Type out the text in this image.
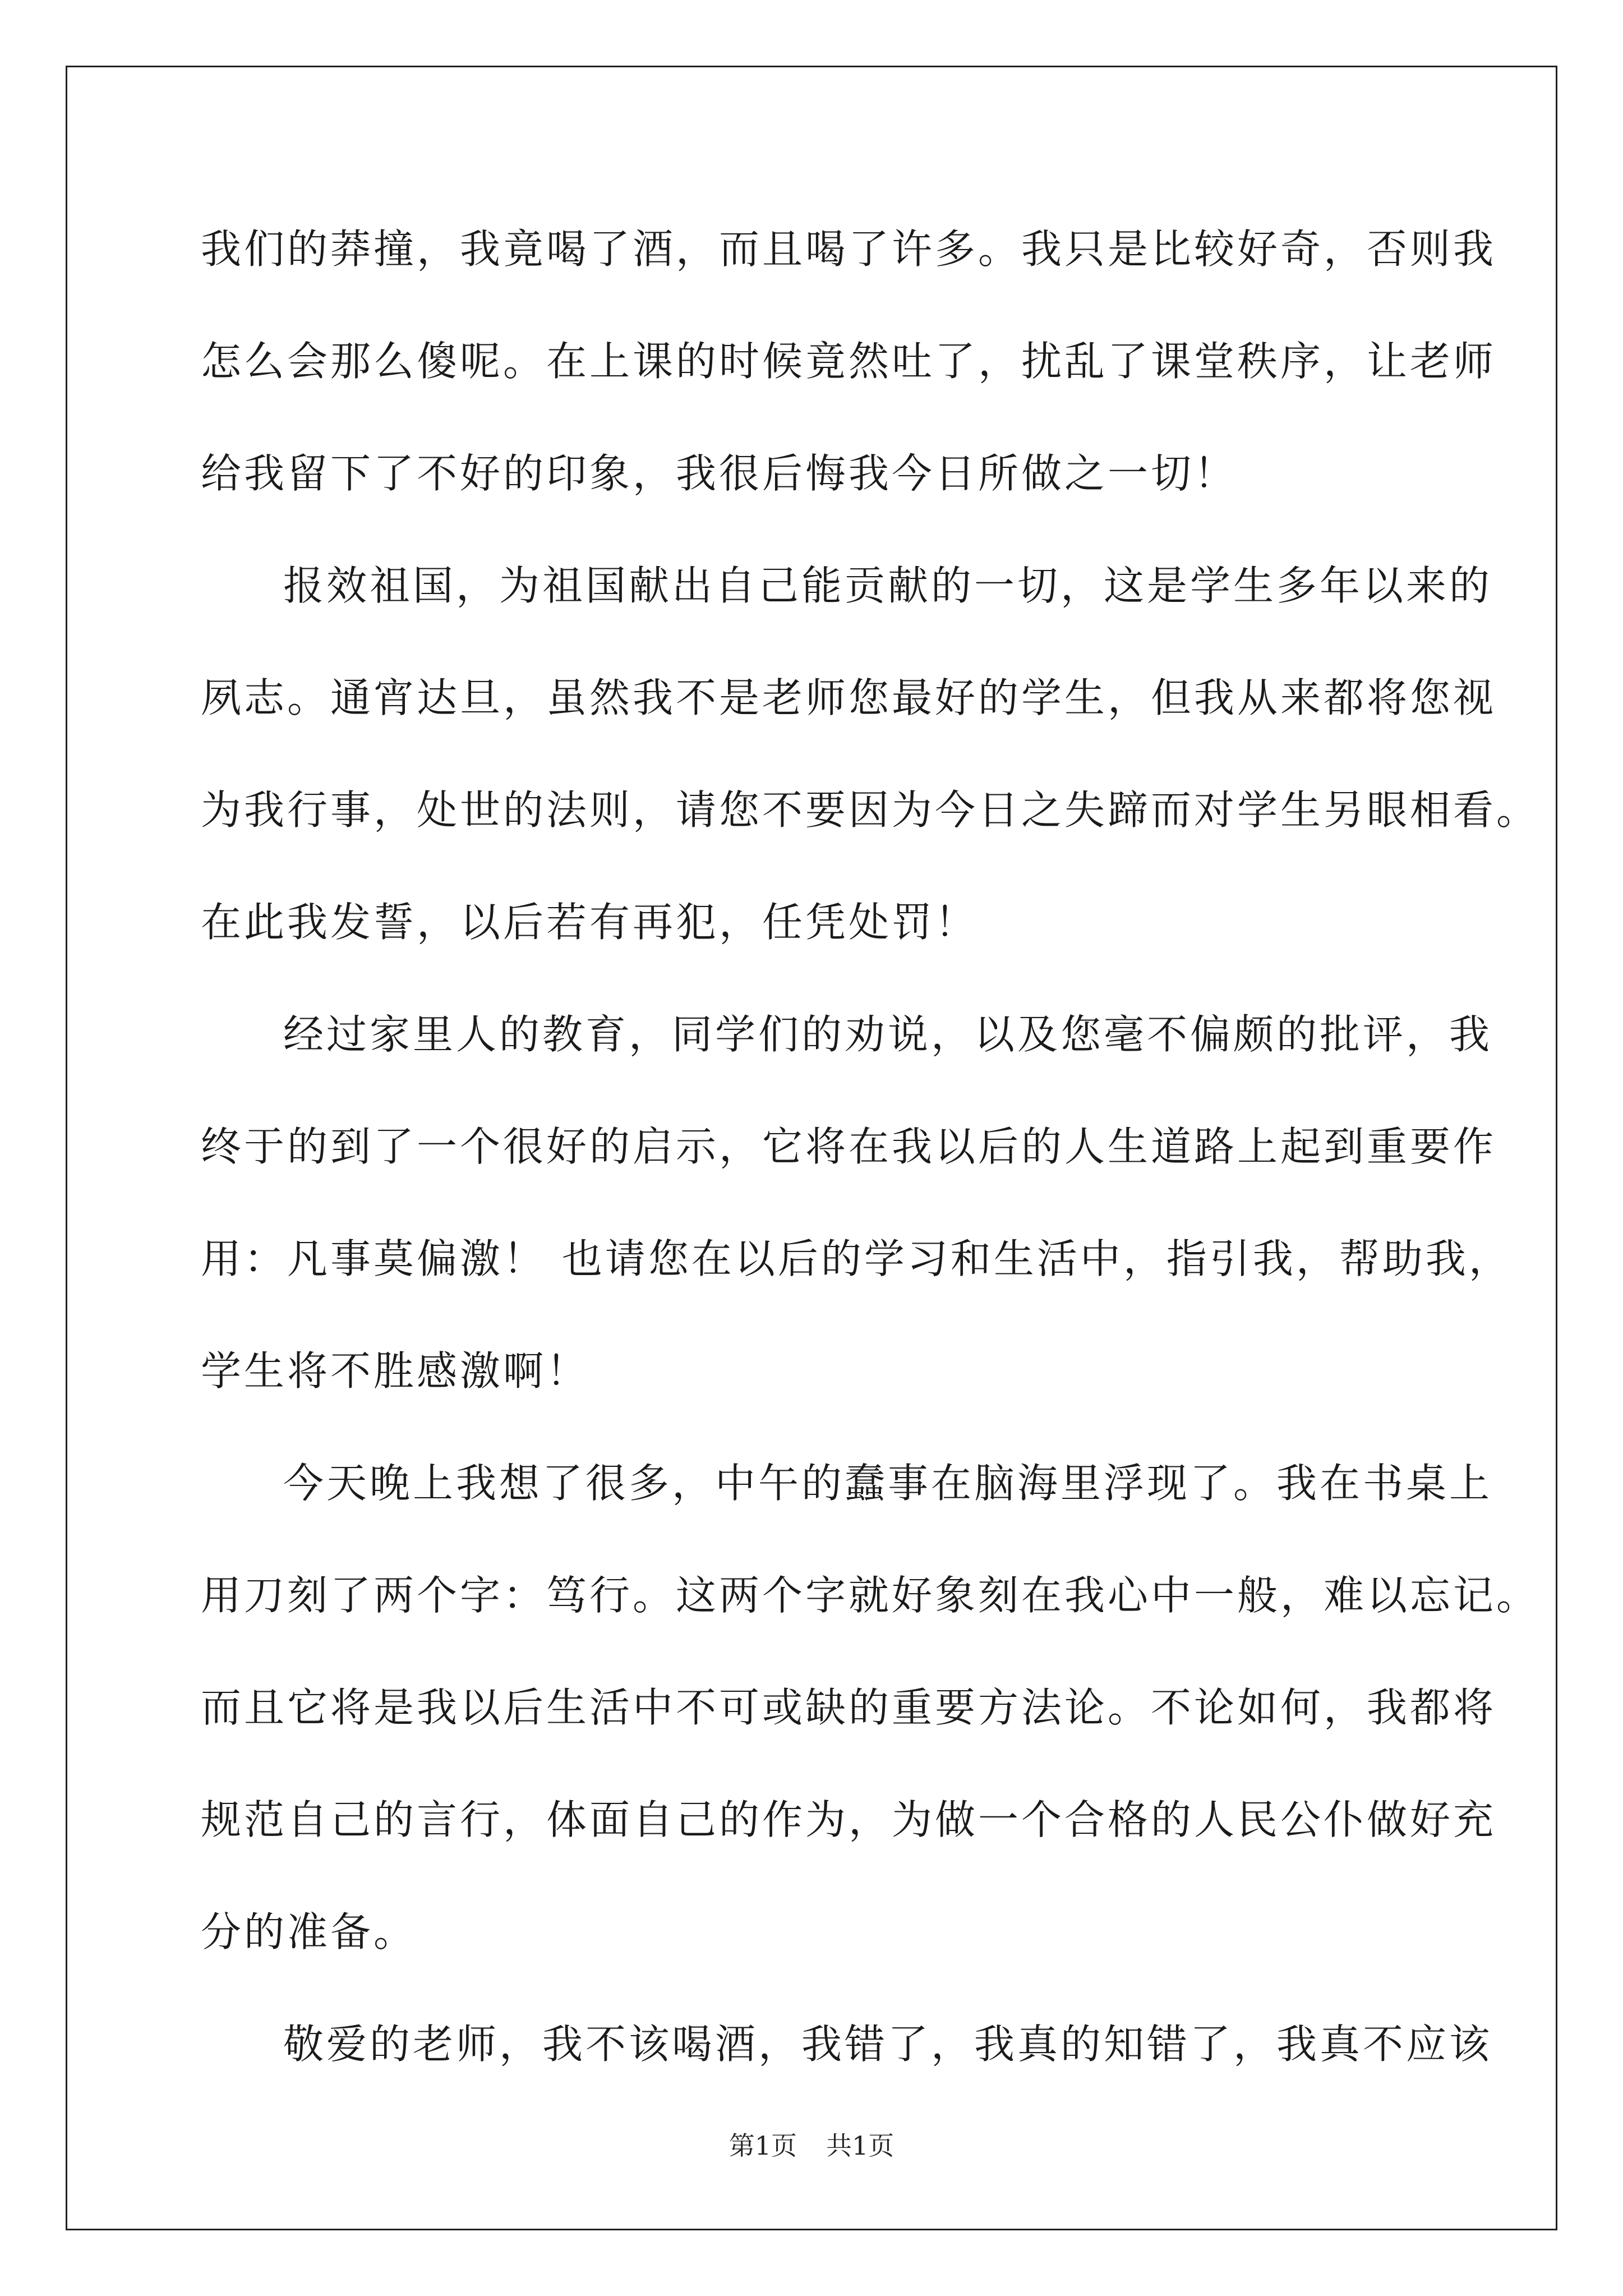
我们的莽撞，我竟喝了酒，而且喝了许多。我只是比较好奇，否则我
怎么会那么傻呢。在上课的时候竟然吐了，扰乱了课堂秩序，让老师
给我留下了不好的印象，我很后悔我今日所做之一切！
报效祖国，为祖国献出自己能贡献的一切，这是学生多年以来的
夙志。通宵达旦，虽然我不是老师您最好的学生，但我从来都将您视
为我行事，处世的法则，请您不要因为今日之失蹄而对学生另眼相看。
在此我发誓，以后若有再犯，任凭处罚！
经过家里人的教育，同学们的劝说，以及您毫不偏颇的批评，我
终于的到了一个很好的启示，它将在我以后的人生道路上起到重要作
用：凡事莫偏激！ 也请您在以后的学习和生活中，指引我，帮助我，
学生将不胜感激啊！
今天晚上我想了很多，中午的蠢事在脑海里浮现了。我在书桌上
用刀刻了两个字：笃行。这两个字就好象刻在我心中一般，难以忘记。
而且它将是我以后生活中不可或缺的重要方法论。不论如何，我都将
规范自己的言行，体面自己的作为，为做一个合格的人民公仆做好充
分的准备。
敬爱的老师，我不该喝酒，我错了，我真的知错了，我真不应该
第1页 共1页
